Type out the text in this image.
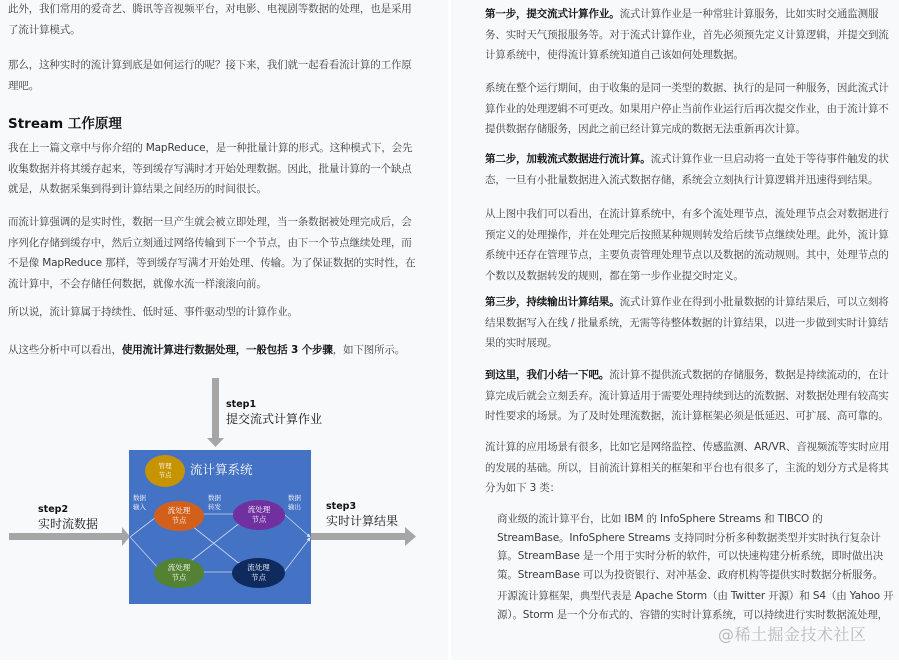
此外，我们常用的爱奇艺、腾讯等音视频平台，对电影、电视剧等数据的处理，也是采用了流计算模式。

那么，这种实时的流计算到底是如何运行的呢？接下来，我们就一起看看流计算的工作原理吧。

Stream 工作原理

我在上一篇文章中与你介绍的 MapReduce，是一种批量计算的形式。这种模式下，会先收集数据并将其缓存起来，等到缓存写满时才开始处理数据。因此，批量计算的一个缺点就是，从数据采集到得到计算结果之间经历的时间很长。

而流计算强调的是实时性，数据一旦产生就会被立即处理，当一条数据被处理完成后，会序列化存储到缓存中，然后立刻通过网络传输到下一个节点，由下一个节点继续处理，而不是像 MapReduce 那样，等到缓存写满才开始处理、传输。为了保证数据的实时性，在流计算中，不会存储任何数据，就像水流一样滚滚向前。

所以说，流计算属于持续性、低时延、事件驱动型的计算作业。

从这些分析中可以看出，使用流计算进行数据处理，一般包括 3 个步骤，如下图所示。

step1
提交流式计算作业
step2
实时流数据
step3
实时计算结果
管理
节点 流计算系统
数据
输入
数据
转发
数据
输出
流处理
节点
流处理
节点
流处理
节点
流处理
节点

第一步，提交流式计算作业。流式计算作业是一种常驻计算服务，比如实时交通监测服务、实时天气预报服务等。对于流式计算作业，首先必须预先定义计算逻辑，并提交到流计算系统中，使得流计算系统知道自己该如何处理数据。

系统在整个运行期间，由于收集的是同一类型的数据、执行的是同一种服务，因此流式计算作业的处理逻辑不可更改。如果用户停止当前作业运行后再次提交作业，由于流计算不提供数据存储服务，因此之前已经计算完成的数据无法重新再次计算。

第二步，加载流式数据进行流计算。流式计算作业一旦启动将一直处于等待事件触发的状态，一旦有小批量数据进入流式数据存储，系统会立刻执行计算逻辑并迅速得到结果。

从上图中我们可以看出，在流计算系统中，有多个流处理节点，流处理节点会对数据进行预定义的处理操作，并在处理完后按照某种规则转发给后续节点继续处理。此外，流计算系统中还存在管理节点，主要负责管理处理节点以及数据的流动规则。其中，处理节点的个数以及数据转发的规则，都在第一步作业提交时定义。

第三步，持续输出计算结果。流式计算作业在得到小批量数据的计算结果后，可以立刻将结果数据写入在线 / 批量系统，无需等待整体数据的计算结果，以进一步做到实时计算结果的实时展现。

到这里，我们小结一下吧。流计算不提供流式数据的存储服务，数据是持续流动的，在计算完成后就会立刻丢弃。流计算适用于需要处理持续到达的流数据、对数据处理有较高实时性要求的场景。为了及时处理流数据，流计算框架必须是低延迟、可扩展、高可靠的。

流计算的应用场景有很多，比如它是网络监控、传感监测、AR/VR、音视频流等实时应用的发展的基础。所以，目前流计算相关的框架和平台也有很多了，主流的划分方式是将其分为如下 3 类：

商业级的流计算平台，比如 IBM 的 InfoSphere Streams 和 TIBCO 的 StreamBase。InfoSphere Streams 支持同时分析多种数据类型并实时执行复杂计算。StreamBase 是一个用于实时分析的软件，可以快速构建分析系统，即时做出决策。StreamBase 可以为投资银行、对冲基金、政府机构等提供实时数据分析服务。

开源流计算框架，典型代表是 Apache Storm（由 Twitter 开源）和 S4（由 Yahoo 开源）。Storm 是一个分布式的、容错的实时计算系统，可以持续进行实时数据流处理，

@稀土掘金技术社区
